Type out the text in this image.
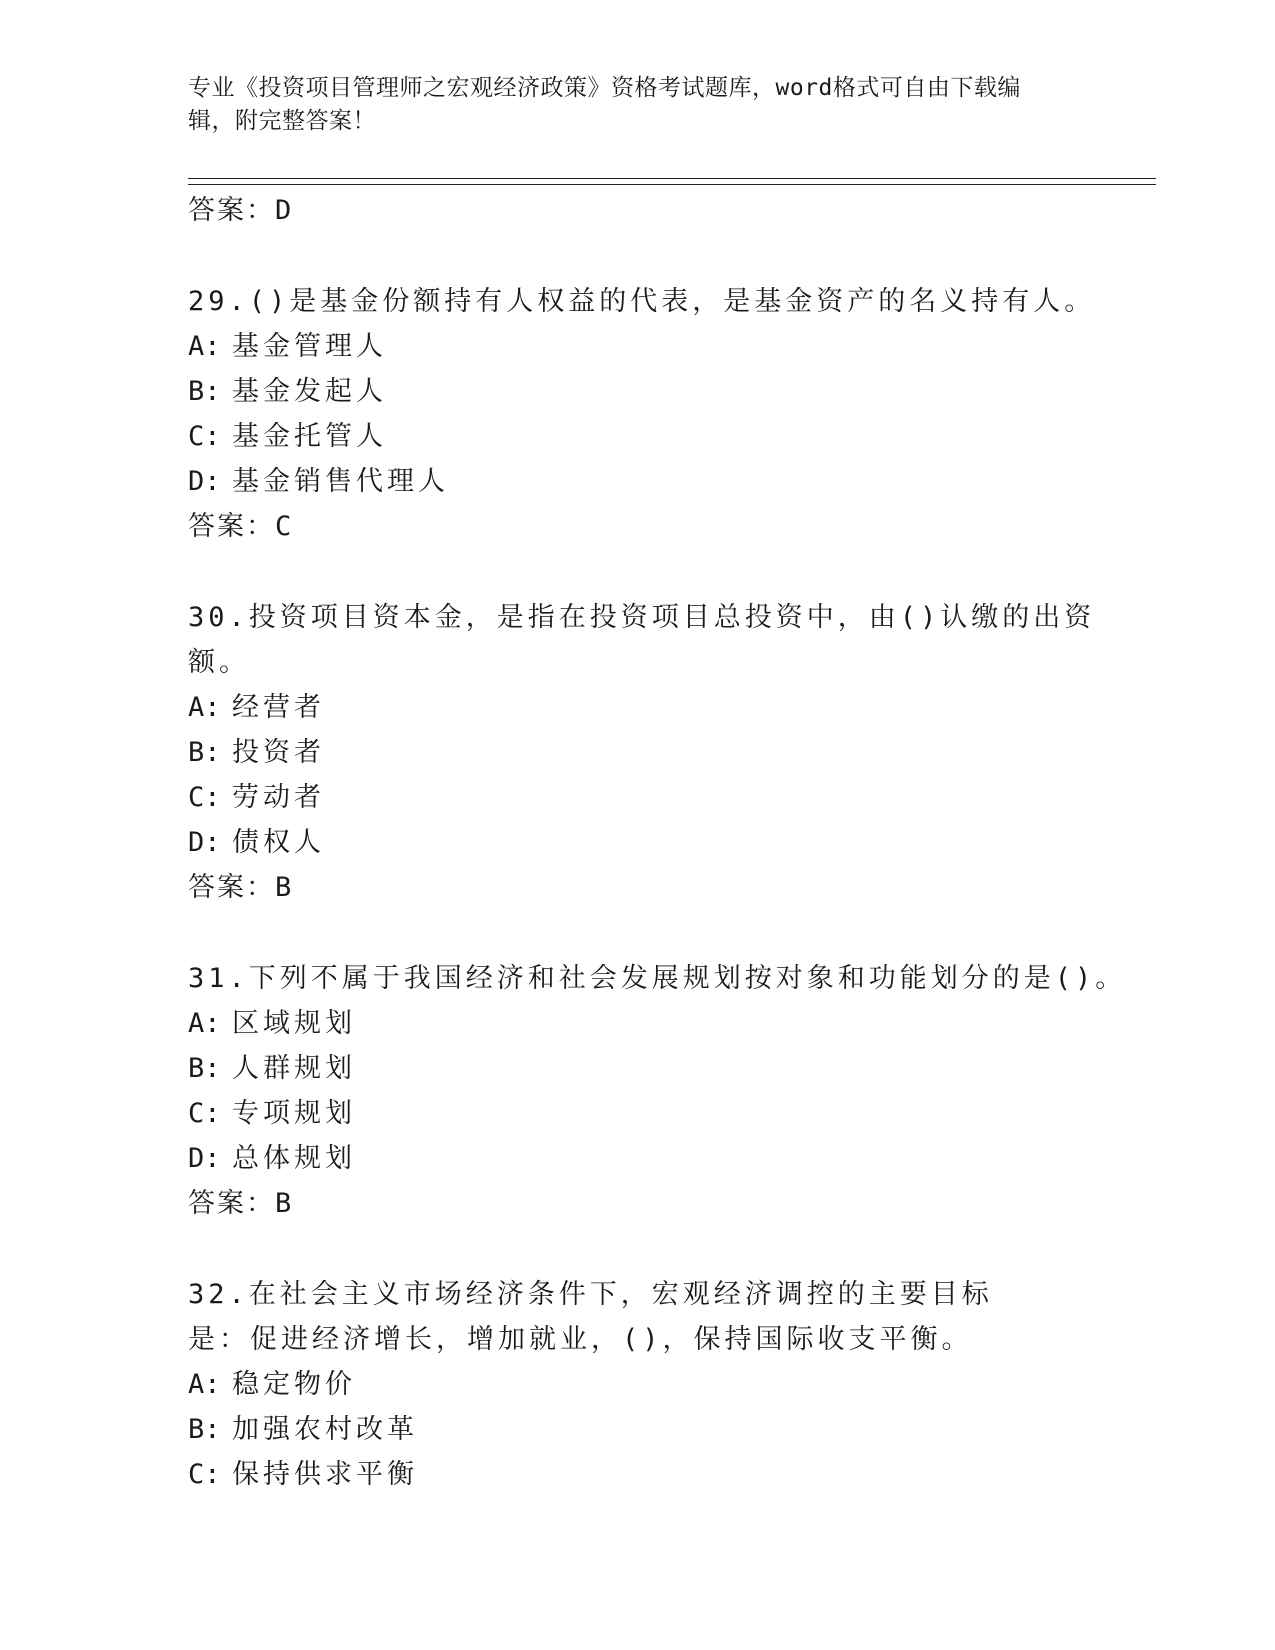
专业《投资项目管理师之宏观经济政策》资格考试题库，word格式可自由下载编
辑，附完整答案！
答案：D
29.()是基金份额持有人权益的代表，是基金资产的名义持有人。
A: 基金管理人
B: 基金发起人
C: 基金托管人
D: 基金销售代理人
答案：C
30.投资项目资本金，是指在投资项目总投资中，由()认缴的出资额。
A: 经营者
B: 投资者
C: 劳动者
D: 债权人
答案：B
31.下列不属于我国经济和社会发展规划按对象和功能划分的是()。
A: 区域规划
B: 人群规划
C: 专项规划
D: 总体规划
答案：B
32.在社会主义市场经济条件下，宏观经济调控的主要目标是：促进经济增长，增加就业，()，保持国际收支平衡。
A: 稳定物价
B: 加强农村改革
C: 保持供求平衡
